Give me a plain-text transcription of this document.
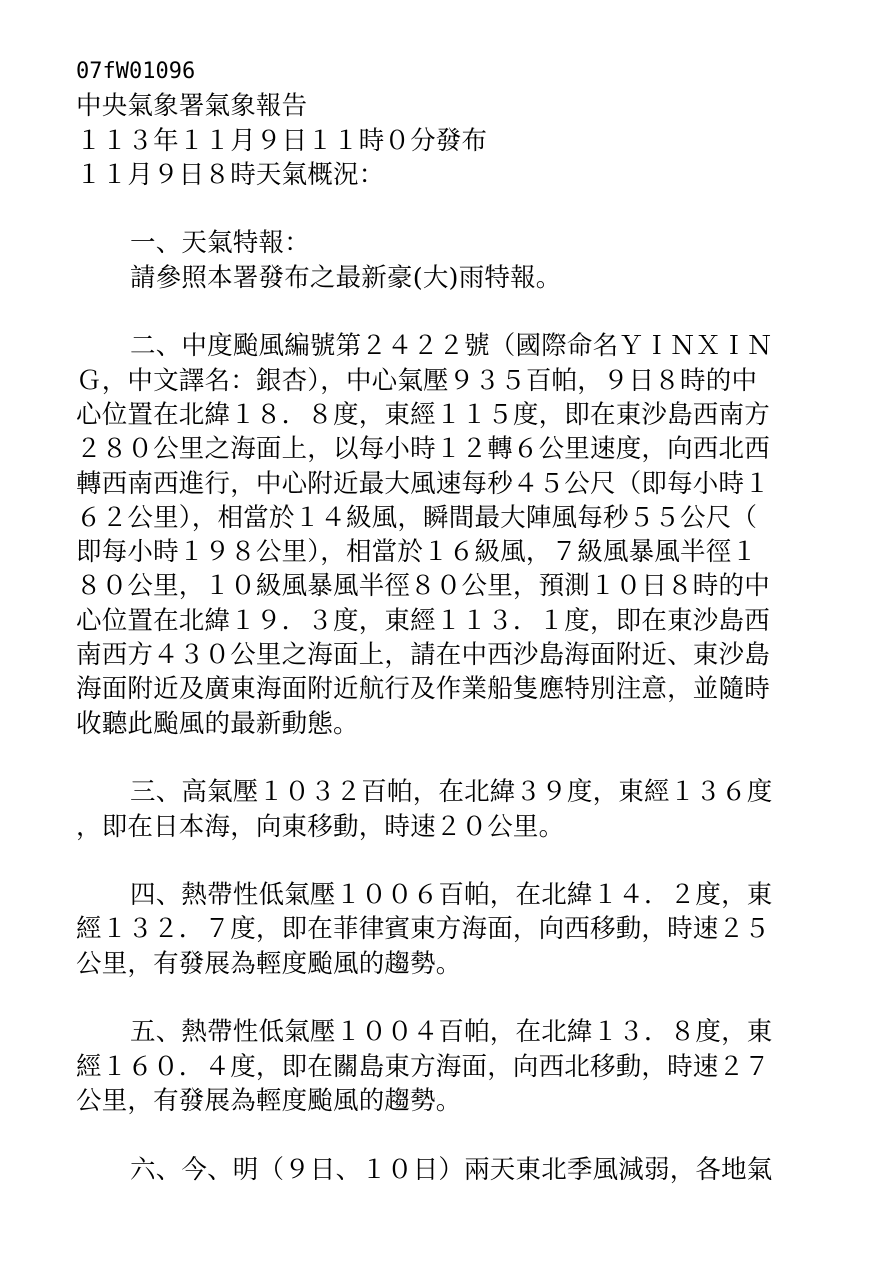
07fW01096
中央氣象署氣象報告
１１３年１１月９日１１時０分發布
１１月９日８時天氣概況：
一、天氣特報：
請參照本署發布之最新豪(大)雨特報。
二、中度颱風編號第２４２２號（國際命名ＹＩＮＸＩＮ
Ｇ，中文譯名：銀杏），中心氣壓９３５百帕，９日８時的中
心位置在北緯１８．８度，東經１１５度，即在東沙島西南方
２８０公里之海面上，以每小時１２轉６公里速度，向西北西
轉西南西進行，中心附近最大風速每秒４５公尺（即每小時１
６２公里），相當於１４級風，瞬間最大陣風每秒５５公尺（
即每小時１９８公里），相當於１６級風，７級風暴風半徑１
８０公里，１０級風暴風半徑８０公里，預測１０日８時的中
心位置在北緯１９．３度，東經１１３．１度，即在東沙島西
南西方４３０公里之海面上，請在中西沙島海面附近、東沙島
海面附近及廣東海面附近航行及作業船隻應特別注意，並隨時
收聽此颱風的最新動態。
三、高氣壓１０３２百帕，在北緯３９度，東經１３６度
，即在日本海，向東移動，時速２０公里。
四、熱帶性低氣壓１００６百帕，在北緯１４．２度，東
經１３２．７度，即在菲律賓東方海面，向西移動，時速２５
公里，有發展為輕度颱風的趨勢。
五、熱帶性低氣壓１００４百帕，在北緯１３．８度，東
經１６０．４度，即在關島東方海面，向西北移動，時速２７
公里，有發展為輕度颱風的趨勢。
六、今、明（９日、１０日）兩天東北季風減弱，各地氣
